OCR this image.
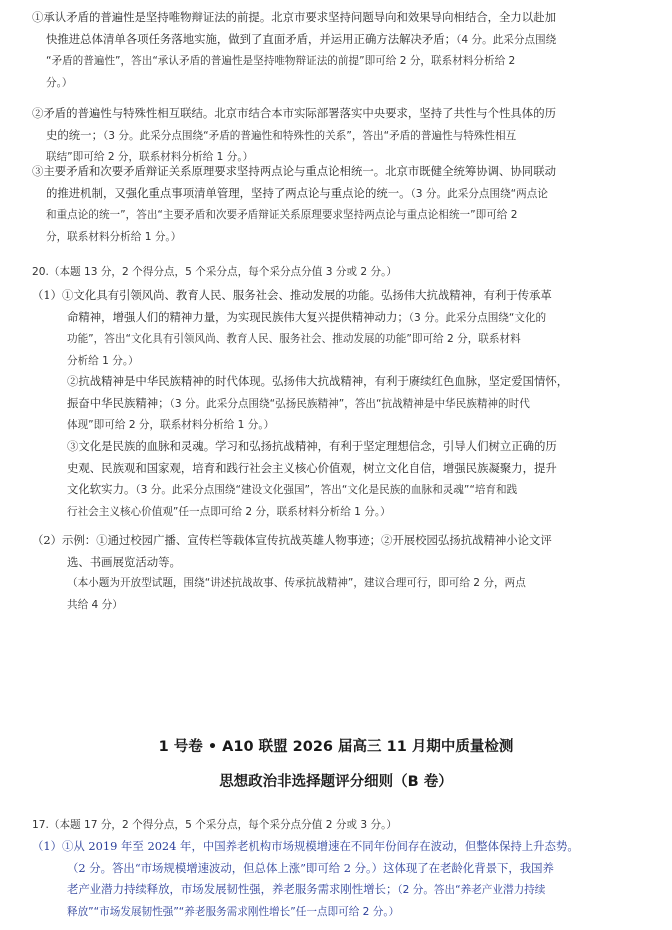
①承认矛盾的普遍性是坚持唯物辩证法的前提。北京市要求坚持问题导向和效果导向相结合，全力以赴加
快推进总体清单各项任务落地实施，做到了直面矛盾，并运用正确方法解决矛盾；（4 分。此采分点围绕
“矛盾的普遍性”，答出“承认矛盾的普遍性是坚持唯物辩证法的前提”即可给 2 分，联系材料分析给 2
分。）
②矛盾的普遍性与特殊性相互联结。北京市结合本市实际部署落实中央要求，坚持了共性与个性具体的历
史的统一；（3 分。此采分点围绕“矛盾的普遍性和特殊性的关系”，答出“矛盾的普遍性与特殊性相互
联结”即可给 2 分，联系材料分析给 1 分。）
③主要矛盾和次要矛盾辩证关系原理要求坚持两点论与重点论相统一。北京市既健全统筹协调、协同联动
的推进机制，又强化重点事项清单管理，坚持了两点论与重点论的统一。（3 分。此采分点围绕“两点论
和重点论的统一”，答出“主要矛盾和次要矛盾辩证关系原理要求坚持两点论与重点论相统一”即可给 2
分，联系材料分析给 1 分。）
20.（本题 13 分，2 个得分点，5 个采分点，每个采分点分值 3 分或 2 分。）
（1）①文化具有引领风尚、教育人民、服务社会、推动发展的功能。弘扬伟大抗战精神，有利于传承革
命精神，增强人们的精神力量，为实现民族伟大复兴提供精神动力；（3 分。此采分点围绕“文化的
功能”，答出“文化具有引领风尚、教育人民、服务社会、推动发展的功能”即可给 2 分，联系材料
分析给 1 分。）
②抗战精神是中华民族精神的时代体现。弘扬伟大抗战精神，有利于赓续红色血脉，坚定爱国情怀，
振奋中华民族精神；（3 分。此采分点围绕“弘扬民族精神”，答出“抗战精神是中华民族精神的时代
体现”即可给 2 分，联系材料分析给 1 分。）
③文化是民族的血脉和灵魂。学习和弘扬抗战精神，有利于坚定理想信念，引导人们树立正确的历
史观、民族观和国家观，培育和践行社会主义核心价值观，树立文化自信，增强民族凝聚力，提升
文化软实力。（3 分。此采分点围绕“建设文化强国”，答出“文化是民族的血脉和灵魂”“培育和践
行社会主义核心价值观”任一点即可给 2 分，联系材料分析给 1 分。）
（2）示例：①通过校园广播、宣传栏等载体宣传抗战英雄人物事迹；②开展校园弘扬抗战精神小论文评
选、书画展览活动等。
（本小题为开放型试题，围绕“讲述抗战故事、传承抗战精神”，建议合理可行，即可给 2 分，两点
共给 4 分）
1 号卷 • A10 联盟 2026 届高三 11 月期中质量检测
思想政治非选择题评分细则（B 卷）
17.（本题 17 分，2 个得分点，5 个采分点，每个采分点分值 2 分或 3 分。）
（1）①从 2019 年至 2024 年，中国养老机构市场规模增速在不同年份间存在波动，但整体保持上升态势。
（2 分。答出“市场规模增速波动，但总体上涨”即可给 2 分。）这体现了在老龄化背景下，我国养
老产业潜力持续释放，市场发展韧性强，养老服务需求刚性增长；（2 分。答出“养老产业潜力持续
释放”“市场发展韧性强”“养老服务需求刚性增长”任一点即可给 2 分。）
